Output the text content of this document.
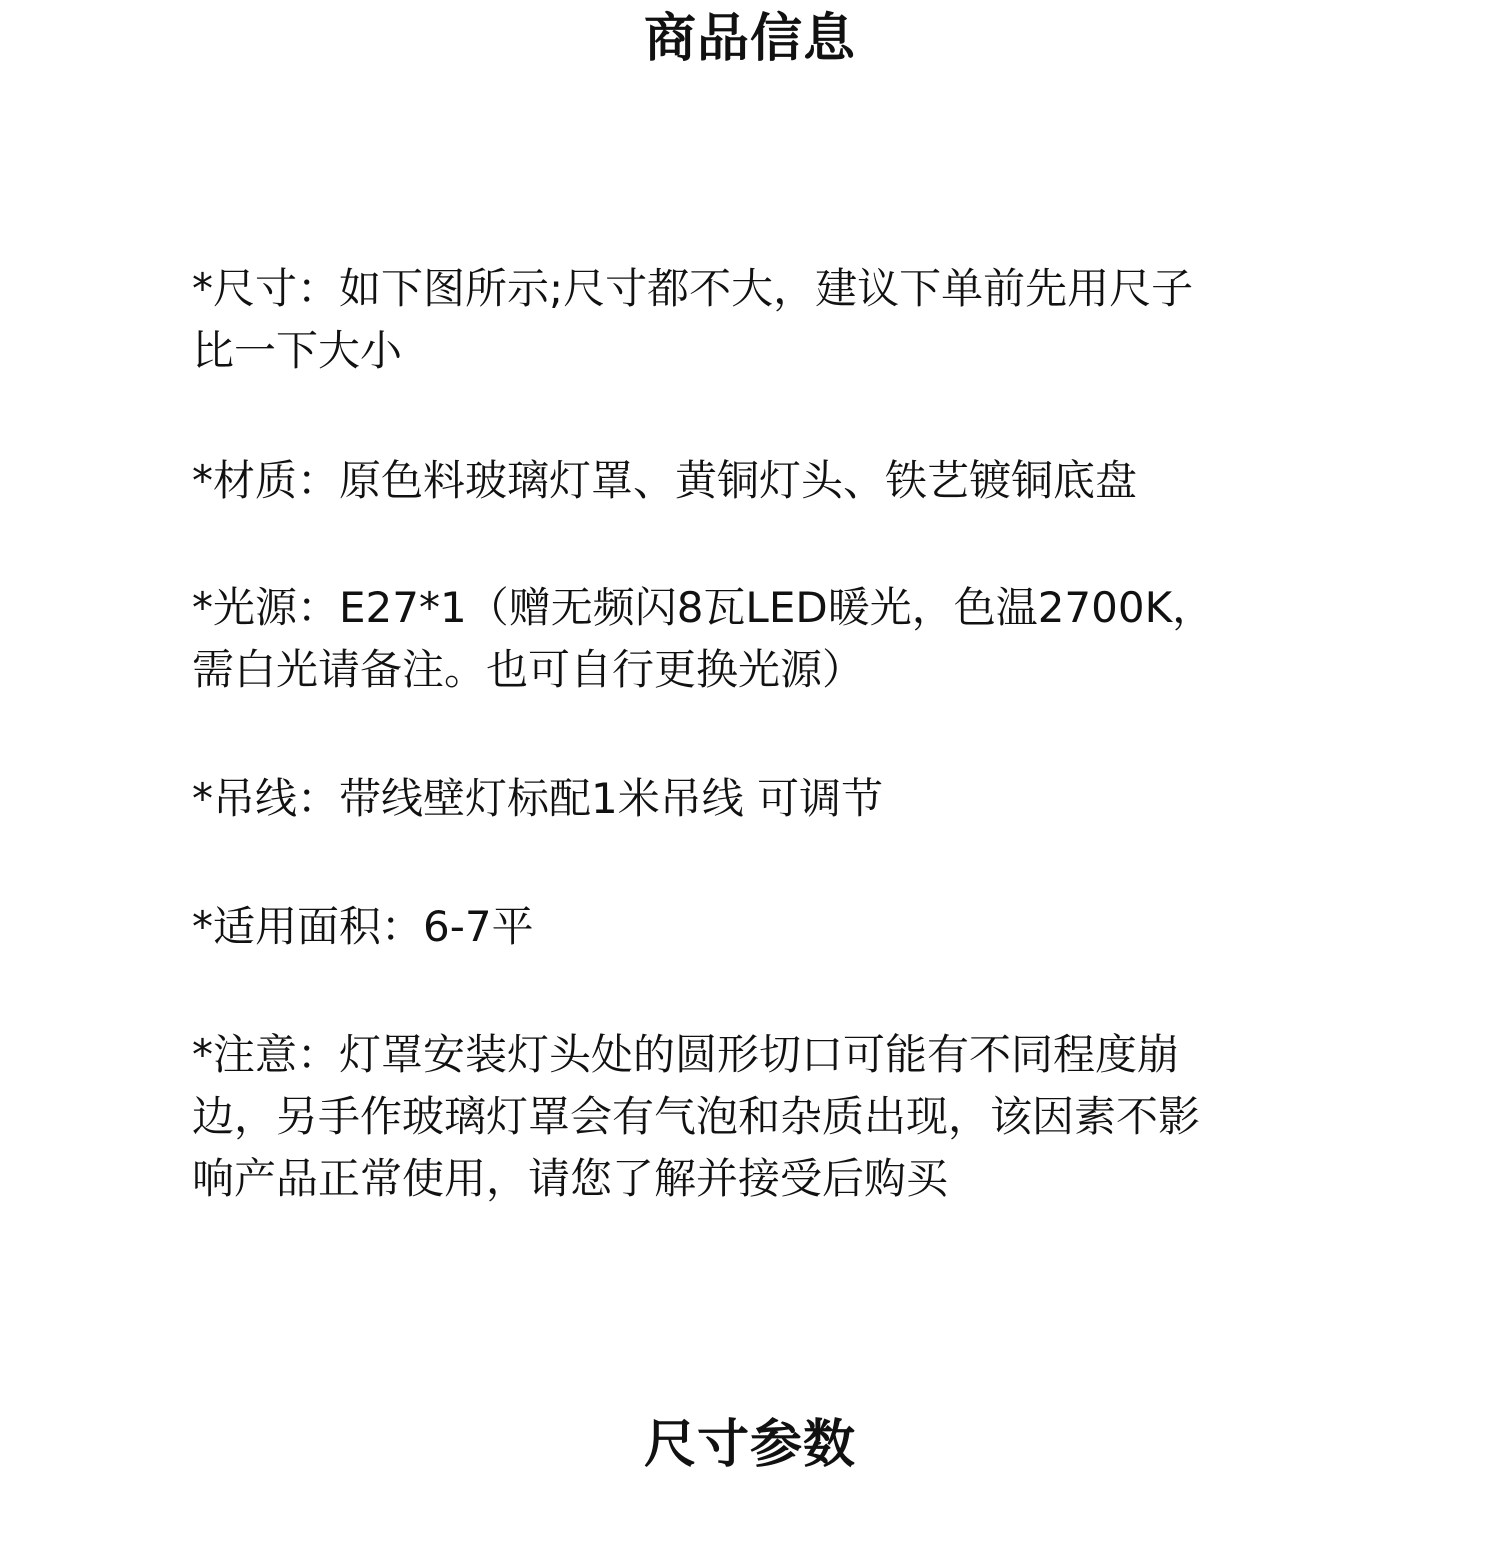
商品信息

*尺寸：如下图所示;尺寸都不大，建议下单前先用尺子
比一下大小

*材质：原色料玻璃灯罩、黄铜灯头、铁艺镀铜底盘

*光源：E27*1（赠无频闪8瓦LED暖光，色温2700K，
需白光请备注。也可自行更换光源）

*吊线：带线壁灯标配1米吊线 可调节

*适用面积：6-7平

*注意：灯罩安装灯头处的圆形切口可能有不同程度崩
边，另手作玻璃灯罩会有气泡和杂质出现，该因素不影
响产品正常使用，请您了解并接受后购买

尺寸参数
